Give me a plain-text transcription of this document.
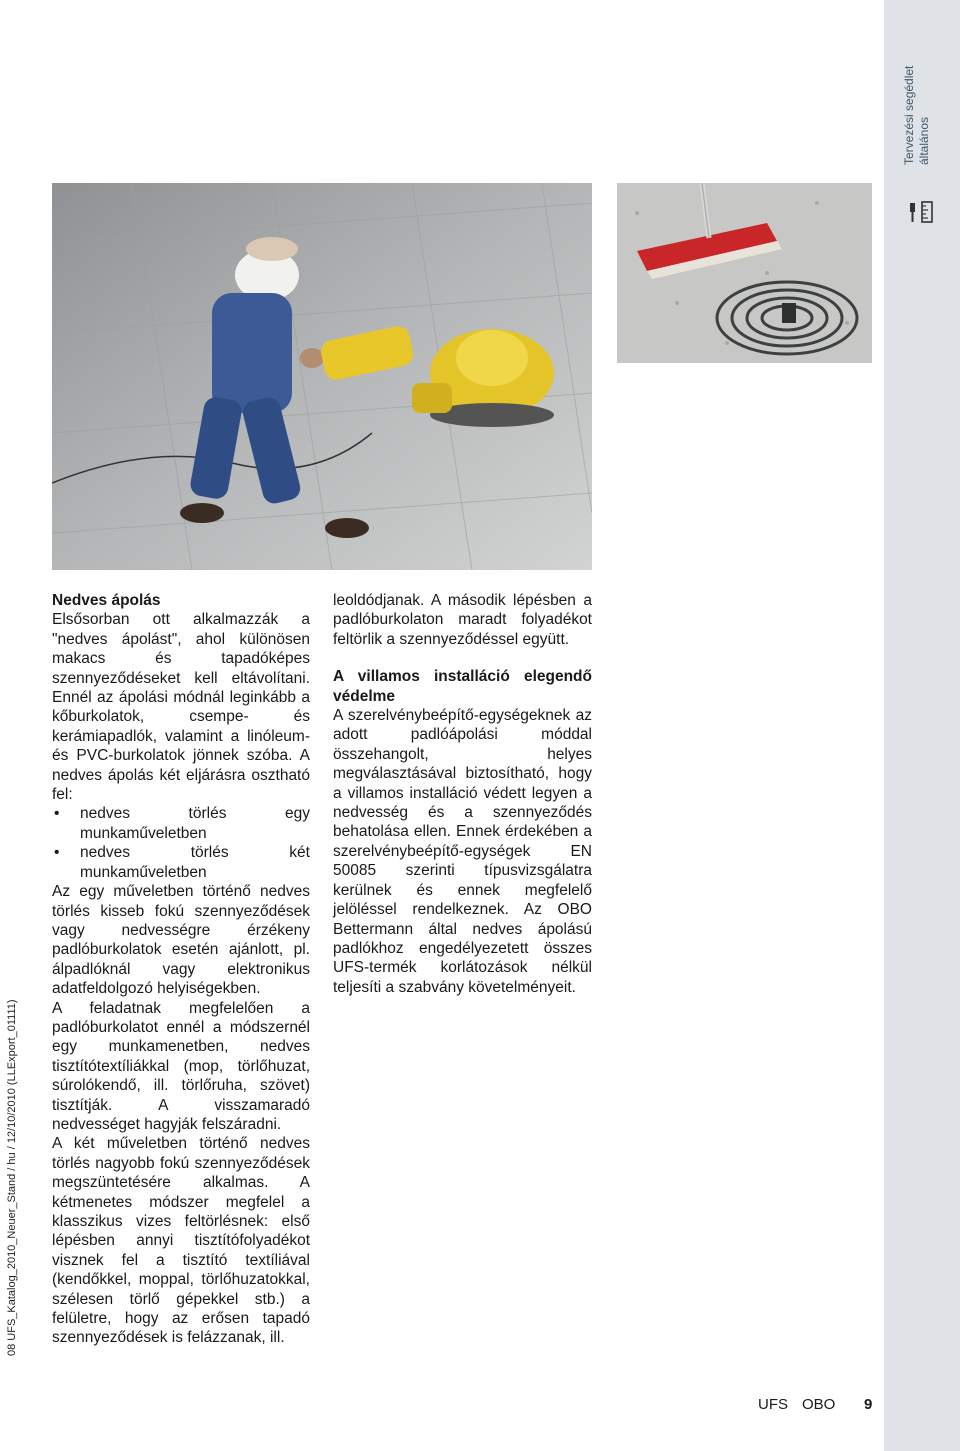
Tervezési segédlet általános
08 UFS_Katalog_2010_Neuer_Stand / hu / 12/10/2010 (LLExport_01111)

Nedves ápolás

Elsősorban ott alkalmazzák a "nedves ápolást", ahol különösen makacs és tapadóképes szennyeződéseket kell eltávolítani. Ennél az ápolási módnál leginkább a kőburkolatok, csempe- és kerámiapadlók, valamint a linóleum- és PVC-burkolatok jönnek szóba. A nedves ápolás két eljárásra osztható fel:

• nedves törlés egy munkaműveletben
• nedves törlés két munkaműveletben

Az egy műveletben történő nedves törlés kisseb fokú szennyeződések vagy nedvességre érzékeny padlóburkolatok esetén ajánlott, pl. álpadlóknál vagy elektronikus adatfeldolgozó helyiségekben.

A feladatnak megfelelően a padlóburkolatot ennél a módszernél egy munkamenetben, nedves tisztítótextíliákkal (mop, törlőhuzat, súrolókendő, ill. törlőruha, szövet) tisztítják. A visszamaradó nedvességet hagyják felszáradni.

A két műveletben történő nedves törlés nagyobb fokú szennyeződések megszüntetésére alkalmas. A kétmenetes módszer megfelel a klasszikus vizes feltörlésnek: első lépésben annyi tisztítófolyadékot visznek fel a tisztító textíliával (kendőkkel, moppal, törlőhuzatokkal, szélesen törlő gépekkel stb.) a felületre, hogy az erősen tapadó szennyeződések is felázzanak, ill.

leoldódjanak. A második lépésben a padlóburkolaton maradt folyadékot feltörlik a szennyeződéssel együtt.

A villamos installáció elegendő védelme

A szerelvénybeépítő-egységeknek az adott padlóápolási móddal összehangolt, helyes megválasztásával biztosítható, hogy a villamos installáció védett legyen a nedvesség és a szennyeződés behatolása ellen. Ennek érdekében a szerelvénybeépítő-egységek EN 50085 szerinti típusvizsgálatra kerülnek és ennek megfelelő jelöléssel rendelkeznek. Az OBO Bettermann által nedves ápolású padlókhoz engedélyezetett összes UFS-termék korlátozások nélkül teljesíti a szabvány követelményeit.

UFS OBO 9
